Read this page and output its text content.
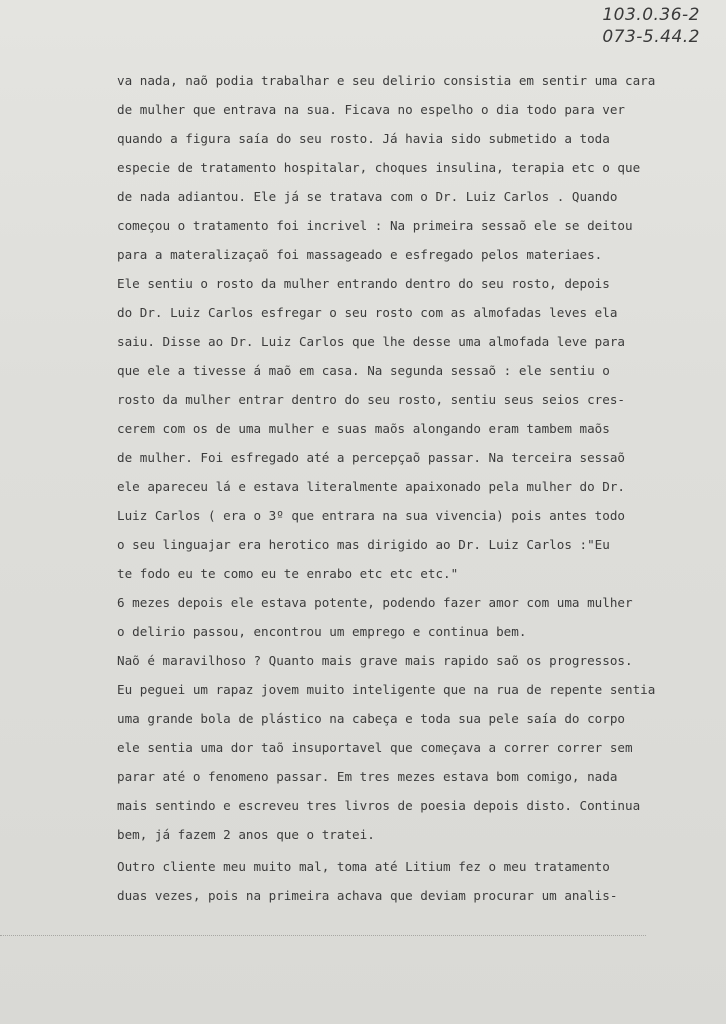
103.0.36-2
073-5.44.2
va nada, naõ podia trabalhar e seu delirio consistia em sentir uma cara
de mulher que entrava na sua. Ficava no espelho o dia todo para ver
quando a figura saía do seu rosto. Já havia sido submetido a toda
especie de tratamento hospitalar, choques insulina, terapia etc o que
de nada adiantou. Ele já se tratava com o Dr. Luiz Carlos . Quando
começou o tratamento foi incrivel : Na primeira sessaõ ele se deitou
para a materalizaçaõ foi massageado e esfregado pelos materiaes.
Ele sentiu o rosto da mulher entrando dentro do seu rosto, depois
do Dr. Luiz Carlos esfregar o seu rosto com as almofadas leves ela
saiu. Disse ao Dr. Luiz Carlos que lhe desse uma almofada leve para
que ele a tivesse á maõ em casa. Na segunda sessaõ : ele sentiu o
rosto da mulher entrar dentro do seu rosto, sentiu seus seios cres-
cerem com os de uma mulher e suas maõs alongando eram tambem maõs
de mulher. Foi esfregado até a percepçaõ passar. Na terceira sessaõ
ele apareceu lá e estava literalmente apaixonado pela mulher do Dr.
Luiz Carlos ( era o 3º que entrara na sua vivencia) pois antes todo
o seu linguajar era herotico mas dirigido ao Dr. Luiz Carlos :"Eu
te fodo eu te como eu te enrabo etc etc etc."
6 mezes depois ele estava potente, podendo fazer amor com uma mulher
o delirio passou, encontrou um emprego e continua bem.
Naõ é maravilhoso ? Quanto mais grave mais rapido saõ os progressos.
Eu peguei um rapaz jovem muito inteligente que na rua de repente sentia
uma grande bola de plástico na cabeça e toda sua pele saía do corpo
ele sentia uma dor taõ insuportavel que começava a correr correr sem
parar até o fenomeno passar. Em tres mezes estava bom comigo, nada
mais sentindo e escreveu tres livros de poesia depois disto. Continua
bem, já fazem 2 anos que o tratei.
Outro cliente meu muito mal, toma até Litium fez o meu tratamento
duas vezes, pois na primeira achava que deviam procurar um analis-
